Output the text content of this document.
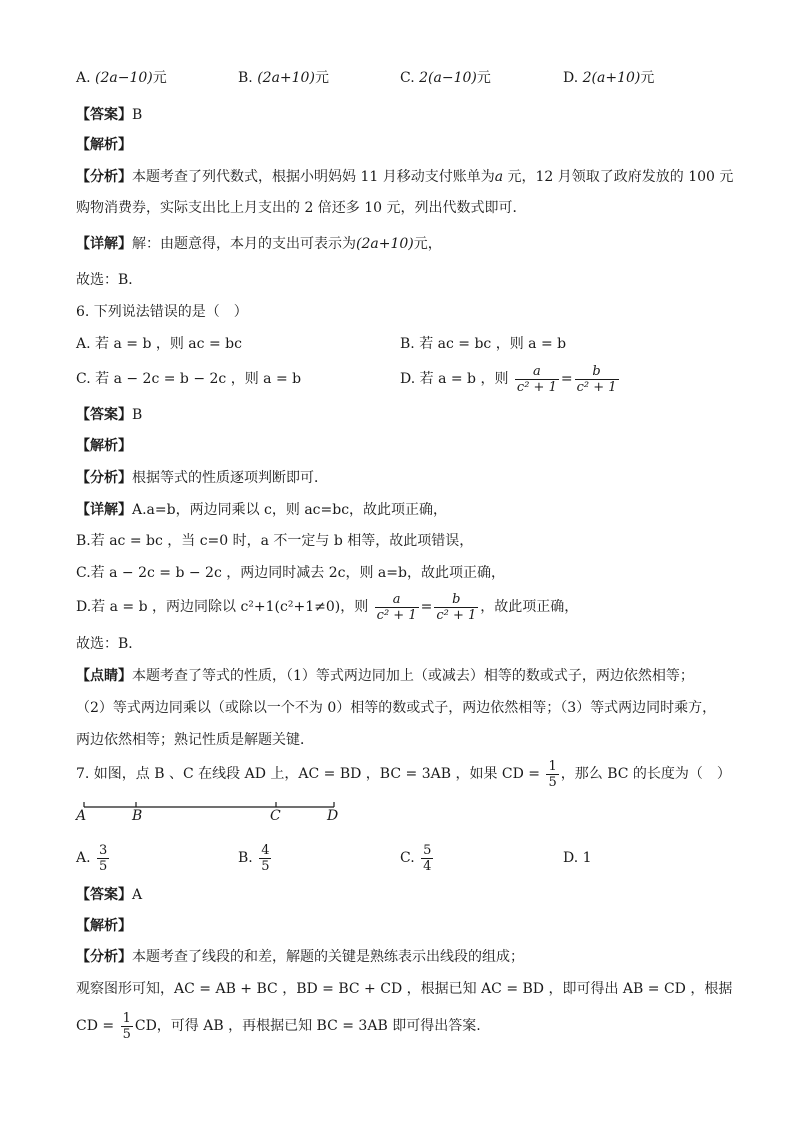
A. (2a−10)元	B. (2a+10)元	C. 2(a−10)元	D. 2(a+10)元
【答案】B
【解析】
【分析】本题考查了列代数式，根据小明妈妈 11 月移动支付账单为a 元，12 月领取了政府发放的 100 元
购物消费券，实际支出比上月支出的 2 倍还多 10 元，列出代数式即可．
【详解】解：由题意得，本月的支出可表示为(2a+10)元，
故选：B．
6. 下列说法错误的是（　）
A. 若 a = b ，则 ac = bc	B. 若 ac = bc ，则 a = b
C. 若 a − 2c = b − 2c ，则 a = b	D. 若 a = b ，则 $\frac{a}{\text{c² + 1}} = \frac{b}{\text{c² + 1}}$
【答案】B
【解析】
【分析】根据等式的性质逐项判断即可．
【详解】A.a=b，两边同乘以 c，则 ac=bc，故此项正确，
B.若 ac = bc ，当 c=0 时，a 不一定与 b 相等，故此项错误，
C.若 a − 2c = b − 2c ，两边同时减去 2c，则 a=b，故此项正确，
D.若 a = b ，两边同除以 c²+1(c²+1≠0)，则 $\frac{a}{\text{c² + 1}} = \frac{b}{\text{c² + 1}}$ ，故此项正确，
故选：B．
【点睛】本题考查了等式的性质，（1）等式两边同加上（或减去）相等的数或式子，两边依然相等；
（2）等式两边同乘以（或除以一个不为 0）相等的数或式子，两边依然相等；（3）等式两边同时乘方，
两边依然相等；熟记性质是解题关键．
7. 如图，点 B 、C 在线段 AD 上，AC = BD ，BC = 3AB ，如果 CD = $\frac{1}{5}$ ，那么 BC 的长度为（　）
A	B	C	D
A. $\frac{3}{5}$	B. $\frac{4}{5}$	C. $\frac{5}{4}$	D. 1
【答案】A
【解析】
【分析】本题考查了线段的和差，解题的关键是熟练表示出线段的组成；
观察图形可知，AC = AB + BC ，BD = BC + CD ，根据已知 AC = BD ，即可得出 AB = CD ，根据
CD = $\frac{1}{5}$ CD，可得 AB ，再根据已知 BC = 3AB 即可得出答案.
